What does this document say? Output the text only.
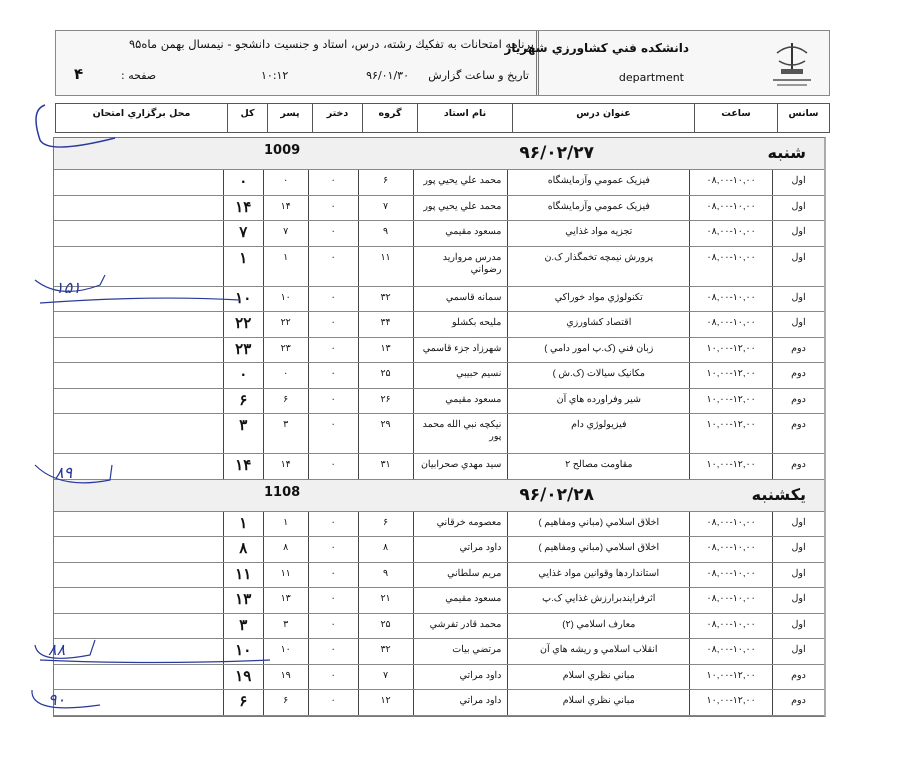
برنامه امتحانات به تفکيك رشته، درس، استاد و جنسيت دانشجو - نيمسال بهمن ماه۹۵
تاريخ و ساعت گزارش
۹۶/۰۱/۳۰
۱۰:۱۲
صفحه :
۴
دانشكده فني كشاورزي شهريار
department
سانس
ساعت
عنوان درس
نام استاد
گروه
دختر
پسر
کل
محل برگزاري امتحان
شنبه
۹۶/۰۲/۲۷
1009
اول
۰۸,۰۰-۱۰,۰۰
فيزيک عمومي وآزمايشگاه
محمد علي يحيي پور
۶
۰
۰
۰
اول
۰۸,۰۰-۱۰,۰۰
فيزيک عمومي وآزمايشگاه
محمد علي يحيي پور
۷
۰
۱۴
۱۴
اول
۰۸,۰۰-۱۰,۰۰
تجزيه مواد غذايي
مسعود مقيمي
۹
۰
۷
۷
اول
۰۸,۰۰-۱۰,۰۰
پرورش نيمچه تخمگذار ک.ن
مدرس مرواريد رضواني
۱۱
۰
۱
۱
اول
۰۸,۰۰-۱۰,۰۰
تکنولوژي مواد خوراكي
سمانه قاسمي
۳۲
۰
۱۰
۱۰
اول
۰۸,۰۰-۱۰,۰۰
اقتصاد كشاورزي
مليحه بكشلو
۳۴
۰
۲۲
۲۲
دوم
۱۰,۰۰-۱۲,۰۰
زبان فني (ک.پ امور دامي )
شهرزاد جزء قاسمي
۱۳
۰
۲۳
۲۳
دوم
۱۰,۰۰-۱۲,۰۰
مکانيک سيالات (ک.ش )
نسيم حبيبي
۲۵
۰
۰
۰
دوم
۱۰,۰۰-۱۲,۰۰
شير وفراورده هاي آن
مسعود مقيمي
۲۶
۰
۶
۶
دوم
۱۰,۰۰-۱۲,۰۰
فيزيولوژي دام
نيكچه نبي الله محمد پور
۲۹
۰
۳
۳
دوم
۱۰,۰۰-۱۲,۰۰
مقاومت مصالح ۲
سيد مهدي صحرابيان
۳۱
۰
۱۴
۱۴
يکشنبه
۹۶/۰۲/۲۸
1108
اول
۰۸,۰۰-۱۰,۰۰
اخلاق اسلامي (مباني ومفاهيم )
معصومه خرقاني
۶
۰
۱
۱
اول
۰۸,۰۰-۱۰,۰۰
اخلاق اسلامي (مباني ومفاهيم )
داود مراتي
۸
۰
۸
۸
اول
۰۸,۰۰-۱۰,۰۰
استانداردها وقوانين مواد غذايي
مريم سلطاني
۹
۰
۱۱
۱۱
اول
۰۸,۰۰-۱۰,۰۰
اثرفرايندبرارزش غذايي ک.پ
مسعود مقيمي
۲۱
۰
۱۳
۱۳
اول
۰۸,۰۰-۱۰,۰۰
معارف اسلامي (۲)
محمد قادر تفرشي
۲۵
۰
۳
۳
اول
۰۸,۰۰-۱۰,۰۰
انقلاب اسلامي و ريشه هاي آن
مرتضي بيات
۳۲
۰
۱۰
۱۰
دوم
۱۰,۰۰-۱۲,۰۰
مباني نظري اسلام
داود مراتي
۷
۰
۱۹
۱۹
دوم
۱۰,۰۰-۱۲,۰۰
مباني نظري اسلام
داود مراتي
۱۲
۰
۶
۶
۱۵۱
۸۹
۸۸
۹۰
